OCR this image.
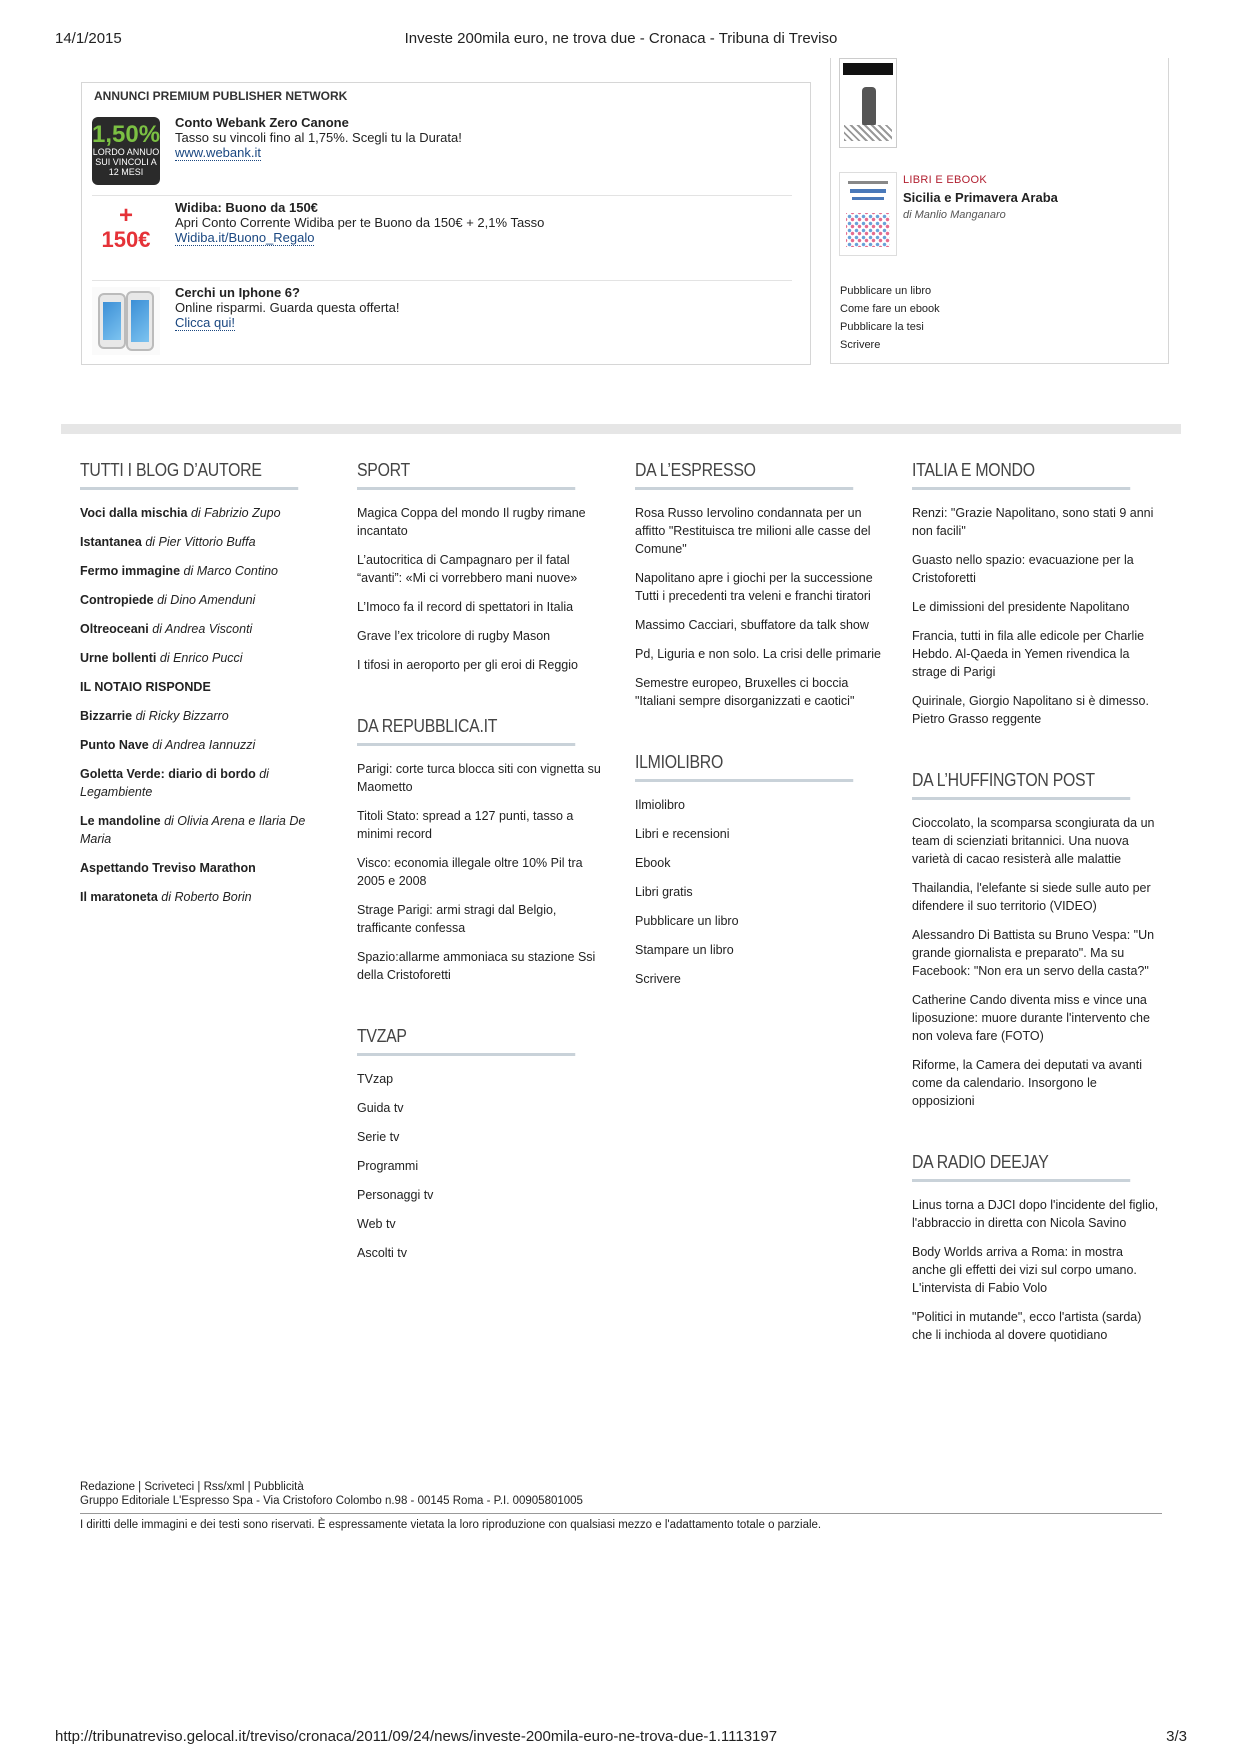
14/1/2015	Investe 200mila euro, ne trova due - Cronaca - Tribuna di Treviso
ANNUNCI PREMIUM PUBLISHER NETWORK
1,50%
LORDO ANNUO SUI VINCOLI A 12 MESI
Conto Webank Zero Canone
Tasso su vincoli fino al 1,75%. Scegli tu la Durata!
www.webank.it
+
150€
Widiba: Buono da 150€
Apri Conto Corrente Widiba per te Buono da 150€ + 2,1% Tasso
Widiba.it/Buono_Regalo
Cerchi un Iphone 6?
Online risparmi. Guarda questa offerta!
Clicca qui!
LIBRI E EBOOK
Sicilia e Primavera Araba
di Manlio Manganaro
Pubblicare un libro
Come fare un ebook
Pubblicare la tesi
Scrivere
TUTTI I BLOG D’AUTORE
Voci dalla mischia di Fabrizio Zupo
Istantanea di Pier Vittorio Buffa
Fermo immagine di Marco Contino
Contropiede di Dino Amenduni
Oltreoceani di Andrea Visconti
Urne bollenti di Enrico Pucci
IL NOTAIO RISPONDE
Bizzarrie di Ricky Bizzarro
Punto Nave di Andrea Iannuzzi
Goletta Verde: diario di bordo di Legambiente
Le mandoline di Olivia Arena e Ilaria De Maria
Aspettando Treviso Marathon
Il maratoneta di Roberto Borin
SPORT
Magica Coppa del mondo Il rugby rimane incantato
L’autocritica di Campagnaro per il fatal “avanti”: «Mi ci vorrebbero mani nuove»
L’Imoco fa il record di spettatori in Italia
Grave l’ex tricolore di rugby Mason
I tifosi in aeroporto per gli eroi di Reggio
DA REPUBBLICA.IT
Parigi: corte turca blocca siti con vignetta su Maometto
Titoli Stato: spread a 127 punti, tasso a minimi record
Visco: economia illegale oltre 10% Pil tra 2005 e 2008
Strage Parigi: armi stragi dal Belgio, trafficante confessa
Spazio:allarme ammoniaca su stazione Ssi della Cristoforetti
TVZAP
TVzap
Guida tv
Serie tv
Programmi
Personaggi tv
Web tv
Ascolti tv
DA L’ESPRESSO
Rosa Russo Iervolino condannata per un affitto "Restituisca tre milioni alle casse del Comune"
Napolitano apre i giochi per la successione Tutti i precedenti tra veleni e franchi tiratori
Massimo Cacciari, sbuffatore da talk show
Pd, Liguria e non solo. La crisi delle primarie
Semestre europeo, Bruxelles ci boccia "Italiani sempre disorganizzati e caotici"
ILMIOLIBRO
Ilmiolibro
Libri e recensioni
Ebook
Libri gratis
Pubblicare un libro
Stampare un libro
Scrivere
ITALIA E MONDO
Renzi: "Grazie Napolitano, sono stati 9 anni non facili"
Guasto nello spazio: evacuazione per la Cristoforetti
Le dimissioni del presidente Napolitano
Francia, tutti in fila alle edicole per Charlie Hebdo. Al-Qaeda in Yemen rivendica la strage di Parigi
Quirinale, Giorgio Napolitano si è dimesso. Pietro Grasso reggente
DA L’HUFFINGTON POST
Cioccolato, la scomparsa scongiurata da un team di scienziati britannici. Una nuova varietà di cacao resisterà alle malattie
Thailandia, l'elefante si siede sulle auto per difendere il suo territorio (VIDEO)
Alessandro Di Battista su Bruno Vespa: "Un grande giornalista e preparato". Ma su Facebook: "Non era un servo della casta?"
Catherine Cando diventa miss e vince una liposuzione: muore durante l'intervento che non voleva fare (FOTO)
Riforme, la Camera dei deputati va avanti come da calendario. Insorgono le opposizioni
DA RADIO DEEJAY
Linus torna a DJCI dopo l'incidente del figlio, l'abbraccio in diretta con Nicola Savino
Body Worlds arriva a Roma: in mostra anche gli effetti dei vizi sul corpo umano. L'intervista di Fabio Volo
"Politici in mutande", ecco l'artista (sarda) che li inchioda al dovere quotidiano
Redazione | Scriveteci | Rss/xml | Pubblicità
Gruppo Editoriale L'Espresso Spa - Via Cristoforo Colombo n.98 - 00145 Roma - P.I. 00905801005
I diritti delle immagini e dei testi sono riservati. È espressamente vietata la loro riproduzione con qualsiasi mezzo e l'adattamento totale o parziale.
http://tribunatreviso.gelocal.it/treviso/cronaca/2011/09/24/news/investe-200mila-euro-ne-trova-due-1.1113197	3/3
